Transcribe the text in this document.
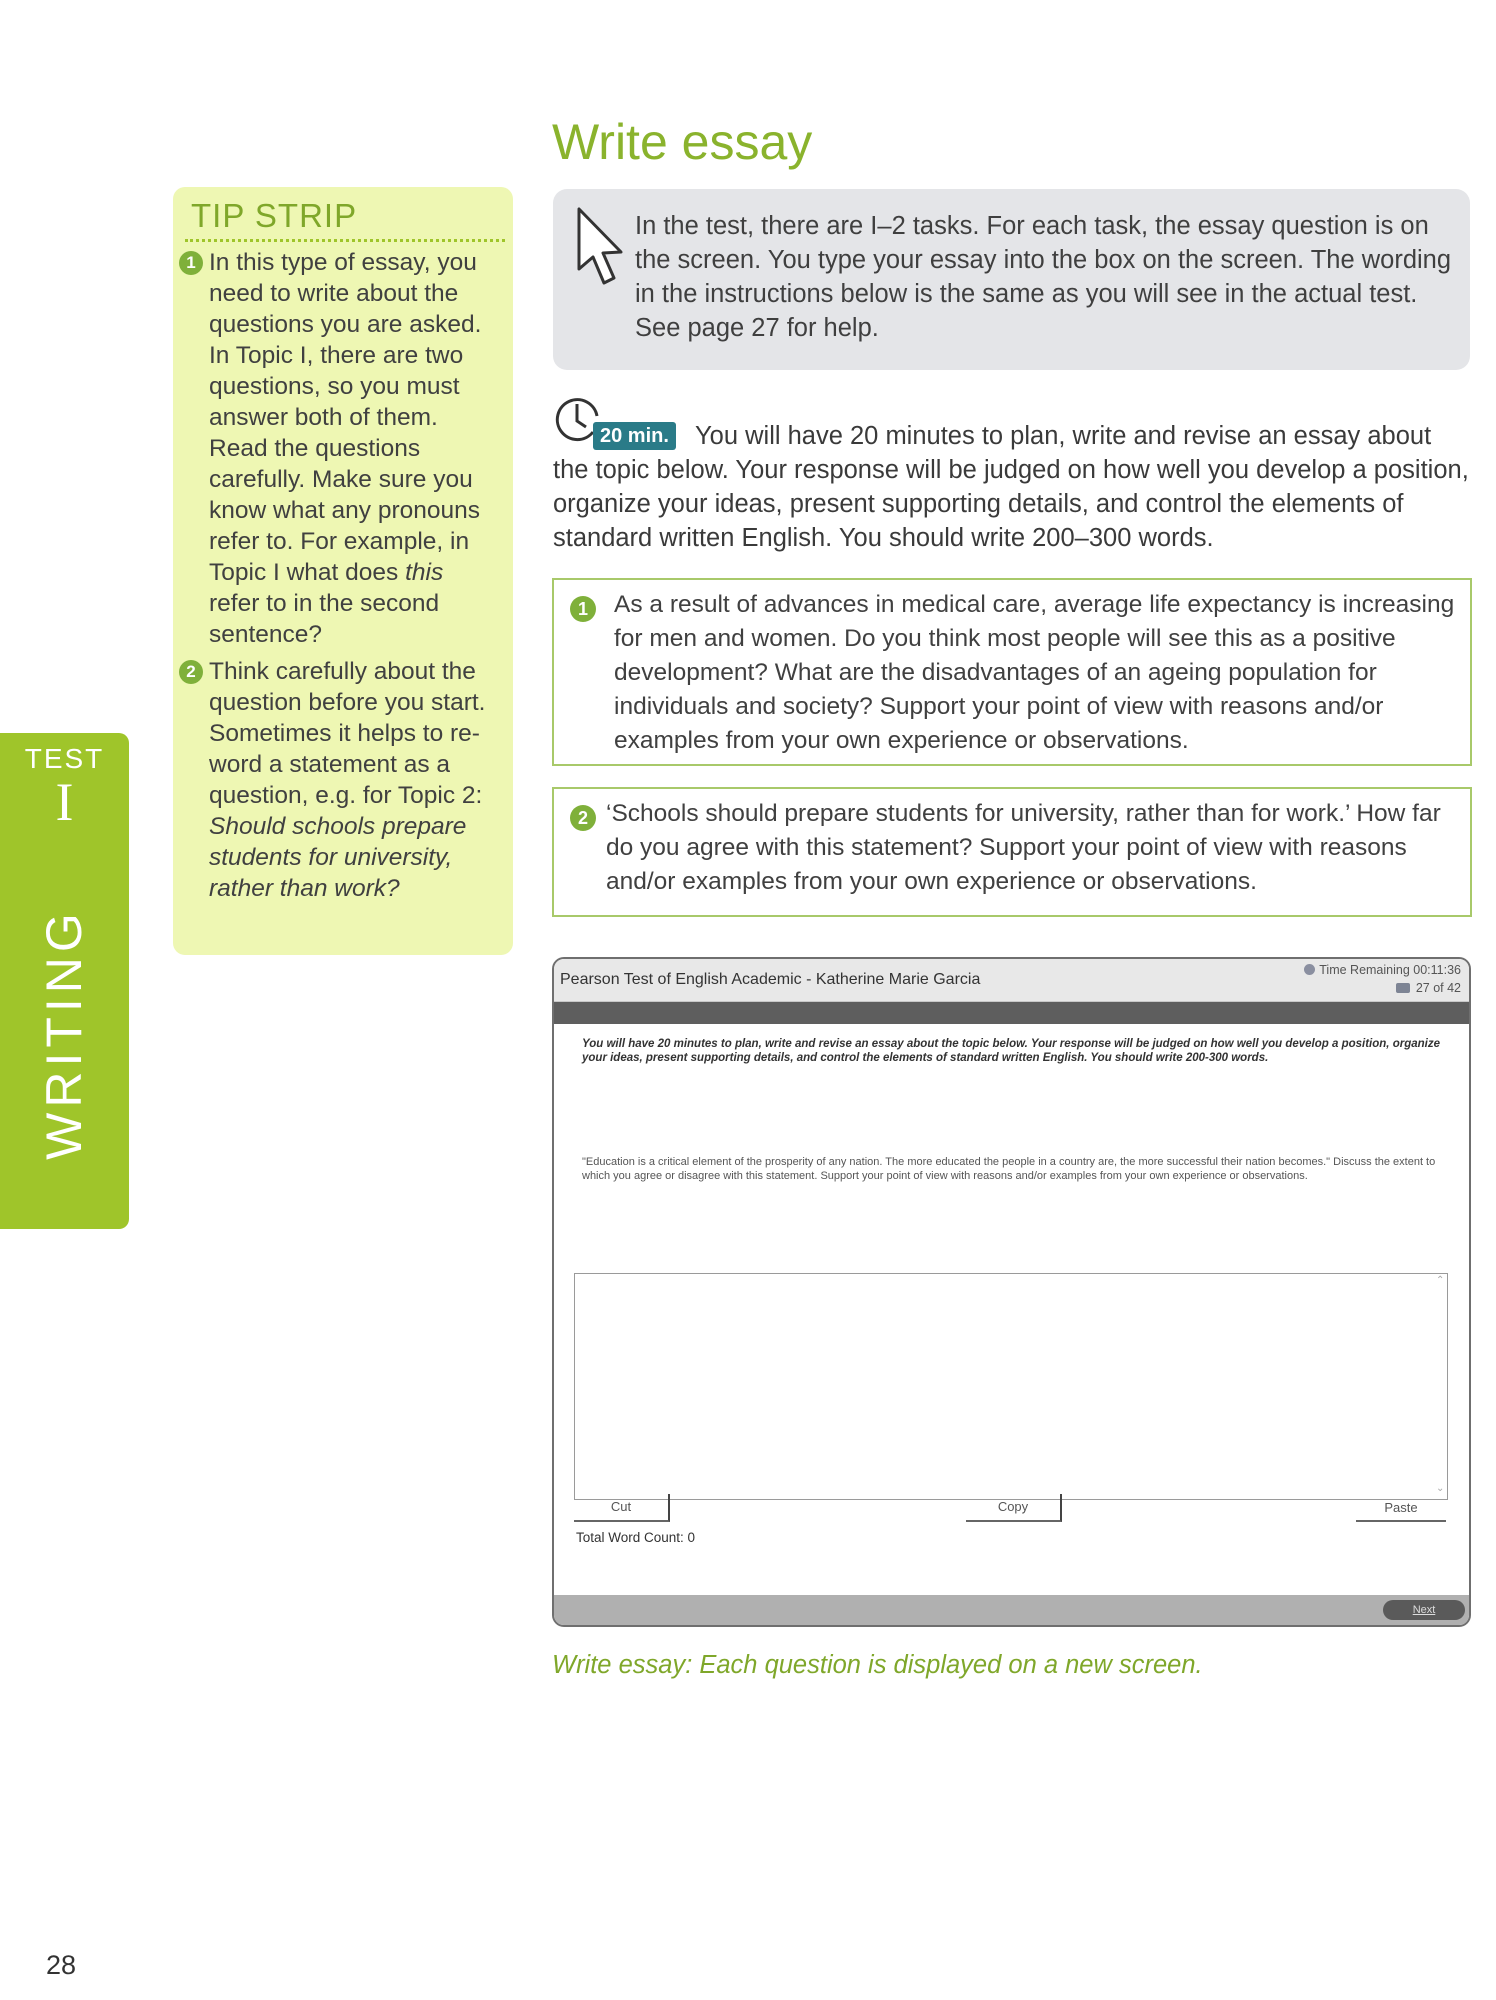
TEST
I
WRITING
TIP STRIP
1 In this type of essay, you need to write about the questions you are asked. In Topic I, there are two questions, so you must answer both of them. Read the questions carefully. Make sure you know what any pronouns refer to. For example, in Topic I what does this refer to in the second sentence?
2 Think carefully about the question before you start. Sometimes it helps to re-word a statement as a question, e.g. for Topic 2: Should schools prepare students for university, rather than work?
Write essay
In the test, there are I–2 tasks. For each task, the essay question is on the screen. You type your essay into the box on the screen. The wording in the instructions below is the same as you will see in the actual test. See page 27 for help.
20 min.	You will have 20 minutes to plan, write and revise an essay about the topic below. Your response will be judged on how well you develop a position, organize your ideas, present supporting details, and control the elements of standard written English. You should write 200–300 words.
1	As a result of advances in medical care, average life expectancy is increasing for men and women. Do you think most people will see this as a positive development? What are the disadvantages of an ageing population for individuals and society? Support your point of view with reasons and/or examples from your own experience or observations.
2 ‘Schools should prepare students for university, rather than for work.’ How far do you agree with this statement? Support your point of view with reasons and/or examples from your own experience or observations.
Pearson Test of English Academic - Katherine Marie Garcia
Time Remaining 00:11:36
27 of 42
You will have 20 minutes to plan, write and revise an essay about the topic below. Your response will be judged on how well you develop a position, organize your ideas, present supporting details, and control the elements of standard written English. You should write 200-300 words.
"Education is a critical element of the prosperity of any nation. The more educated the people in a country are, the more successful their nation becomes." Discuss the extent to which you agree or disagree with this statement. Support your point of view with reasons and/or examples from your own experience or observations.
⌃
⌄
Cut	Copy	Paste
Total Word Count: 0
Next
Write essay: Each question is displayed on a new screen.
28
